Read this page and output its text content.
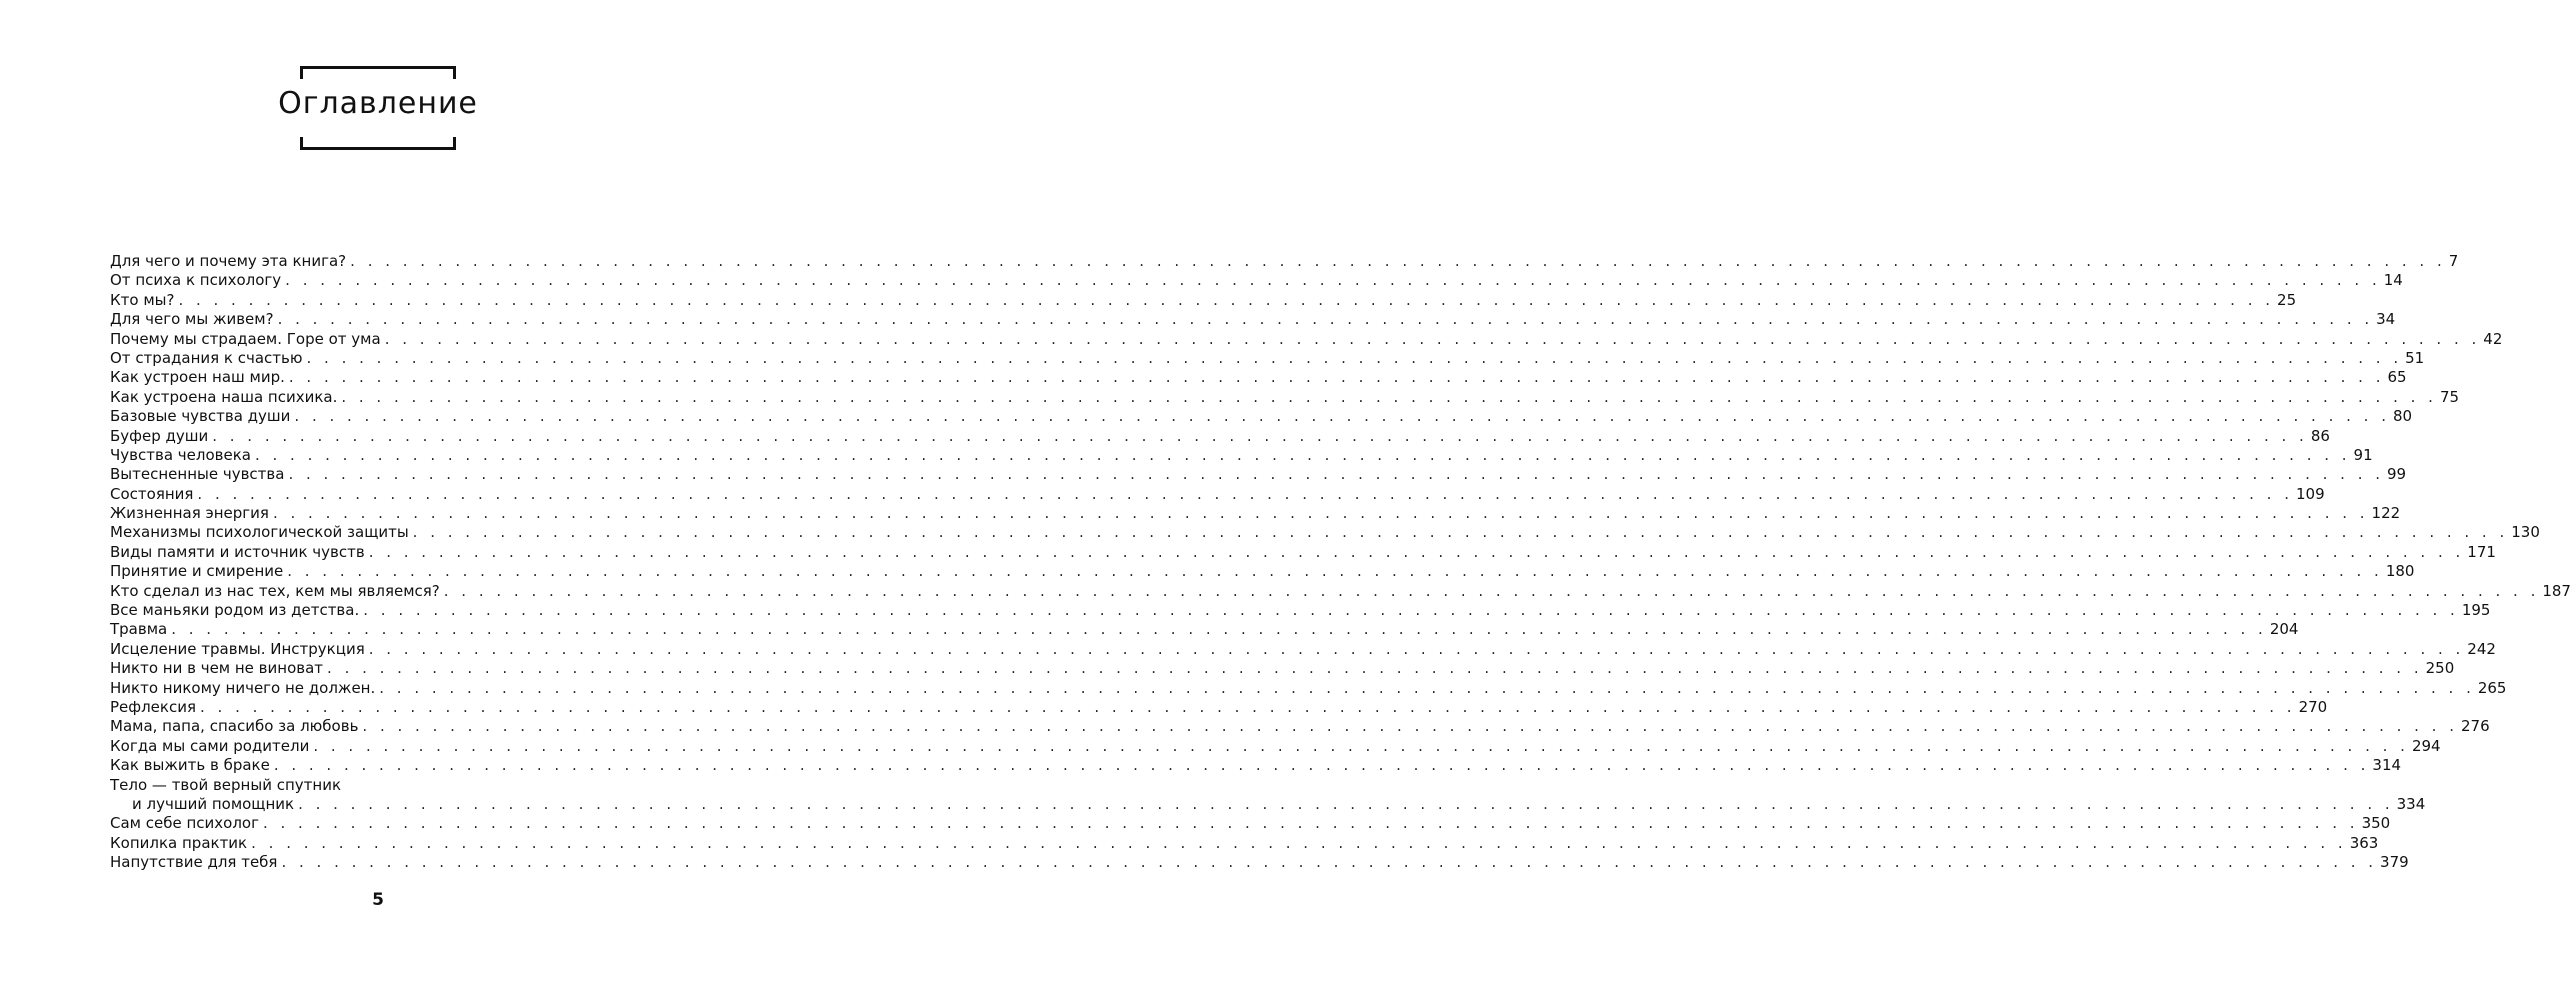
Оглавление
Для чего и почему эта книга? . . . . . . . . . . . . . . . . . . . . . . . . . . . . . . . . . . . . . . . . . . . . . . . . . . . . . . . . . . . . . . . . . . . . . . . . . . . . . . . . . . . . . . . . . . . . . . . . . . . . . . . . . . . . . . . . . . . . . . . . 7
От психа к психологу . . . . . . . . . . . . . . . . . . . . . . . . . . . . . . . . . . . . . . . . . . . . . . . . . . . . . . . . . . . . . . . . . . . . . . . . . . . . . . . . . . . . . . . . . . . . . . . . . . . . . . . . . . . . . . . . . . . . . . . . 14
Кто мы? . . . . . . . . . . . . . . . . . . . . . . . . . . . . . . . . . . . . . . . . . . . . . . . . . . . . . . . . . . . . . . . . . . . . . . . . . . . . . . . . . . . . . . . . . . . . . . . . . . . . . . . . . . . . . . . . . . . . . . . . 25
Для чего мы живем? . . . . . . . . . . . . . . . . . . . . . . . . . . . . . . . . . . . . . . . . . . . . . . . . . . . . . . . . . . . . . . . . . . . . . . . . . . . . . . . . . . . . . . . . . . . . . . . . . . . . . . . . . . . . . . . . . . . . . . . . 34
Почему мы страдаем. Горе от ума . . . . . . . . . . . . . . . . . . . . . . . . . . . . . . . . . . . . . . . . . . . . . . . . . . . . . . . . . . . . . . . . . . . . . . . . . . . . . . . . . . . . . . . . . . . . . . . . . . . . . . . . . . . . . . . . . . . . . . . . 42
От страдания к счастью . . . . . . . . . . . . . . . . . . . . . . . . . . . . . . . . . . . . . . . . . . . . . . . . . . . . . . . . . . . . . . . . . . . . . . . . . . . . . . . . . . . . . . . . . . . . . . . . . . . . . . . . . . . . . . . . . . . . . . . . 51
Как устроен наш мир. . . . . . . . . . . . . . . . . . . . . . . . . . . . . . . . . . . . . . . . . . . . . . . . . . . . . . . . . . . . . . . . . . . . . . . . . . . . . . . . . . . . . . . . . . . . . . . . . . . . . . . . . . . . . . . . . . . . . . . . . 65
Как устроена наша психика. . . . . . . . . . . . . . . . . . . . . . . . . . . . . . . . . . . . . . . . . . . . . . . . . . . . . . . . . . . . . . . . . . . . . . . . . . . . . . . . . . . . . . . . . . . . . . . . . . . . . . . . . . . . . . . . . . . . . . . . . 75
Базовые чувства души . . . . . . . . . . . . . . . . . . . . . . . . . . . . . . . . . . . . . . . . . . . . . . . . . . . . . . . . . . . . . . . . . . . . . . . . . . . . . . . . . . . . . . . . . . . . . . . . . . . . . . . . . . . . . . . . . . . . . . . . 80
Буфер души . . . . . . . . . . . . . . . . . . . . . . . . . . . . . . . . . . . . . . . . . . . . . . . . . . . . . . . . . . . . . . . . . . . . . . . . . . . . . . . . . . . . . . . . . . . . . . . . . . . . . . . . . . . . . . . . . . . . . . . . 86
Чувства человека . . . . . . . . . . . . . . . . . . . . . . . . . . . . . . . . . . . . . . . . . . . . . . . . . . . . . . . . . . . . . . . . . . . . . . . . . . . . . . . . . . . . . . . . . . . . . . . . . . . . . . . . . . . . . . . . . . . . . . . . 91
Вытесненные чувства . . . . . . . . . . . . . . . . . . . . . . . . . . . . . . . . . . . . . . . . . . . . . . . . . . . . . . . . . . . . . . . . . . . . . . . . . . . . . . . . . . . . . . . . . . . . . . . . . . . . . . . . . . . . . . . . . . . . . . . . 99
Состояния . . . . . . . . . . . . . . . . . . . . . . . . . . . . . . . . . . . . . . . . . . . . . . . . . . . . . . . . . . . . . . . . . . . . . . . . . . . . . . . . . . . . . . . . . . . . . . . . . . . . . . . . . . . . . . . . . . . . . . . . 109
Жизненная энергия . . . . . . . . . . . . . . . . . . . . . . . . . . . . . . . . . . . . . . . . . . . . . . . . . . . . . . . . . . . . . . . . . . . . . . . . . . . . . . . . . . . . . . . . . . . . . . . . . . . . . . . . . . . . . . . . . . . . . . . . 122
Механизмы психологической защиты . . . . . . . . . . . . . . . . . . . . . . . . . . . . . . . . . . . . . . . . . . . . . . . . . . . . . . . . . . . . . . . . . . . . . . . . . . . . . . . . . . . . . . . . . . . . . . . . . . . . . . . . . . . . . . . . . . . . . . . . 130
Виды памяти и источник чувств . . . . . . . . . . . . . . . . . . . . . . . . . . . . . . . . . . . . . . . . . . . . . . . . . . . . . . . . . . . . . . . . . . . . . . . . . . . . . . . . . . . . . . . . . . . . . . . . . . . . . . . . . . . . . . . . . . . . . . . . 171
Принятие и смирение . . . . . . . . . . . . . . . . . . . . . . . . . . . . . . . . . . . . . . . . . . . . . . . . . . . . . . . . . . . . . . . . . . . . . . . . . . . . . . . . . . . . . . . . . . . . . . . . . . . . . . . . . . . . . . . . . . . . . . . . 180
Кто сделал из нас тех, кем мы являемся? . . . . . . . . . . . . . . . . . . . . . . . . . . . . . . . . . . . . . . . . . . . . . . . . . . . . . . . . . . . . . . . . . . . . . . . . . . . . . . . . . . . . . . . . . . . . . . . . . . . . . . . . . . . . . . . . . . . . . . . . 187
Все маньяки родом из детства. . . . . . . . . . . . . . . . . . . . . . . . . . . . . . . . . . . . . . . . . . . . . . . . . . . . . . . . . . . . . . . . . . . . . . . . . . . . . . . . . . . . . . . . . . . . . . . . . . . . . . . . . . . . . . . . . . . . . . . . . 195
Травма . . . . . . . . . . . . . . . . . . . . . . . . . . . . . . . . . . . . . . . . . . . . . . . . . . . . . . . . . . . . . . . . . . . . . . . . . . . . . . . . . . . . . . . . . . . . . . . . . . . . . . . . . . . . . . . . . . . . . . . . 204
Исцеление травмы. Инструкция . . . . . . . . . . . . . . . . . . . . . . . . . . . . . . . . . . . . . . . . . . . . . . . . . . . . . . . . . . . . . . . . . . . . . . . . . . . . . . . . . . . . . . . . . . . . . . . . . . . . . . . . . . . . . . . . . . . . . . . . 242
Никто ни в чем не виноват . . . . . . . . . . . . . . . . . . . . . . . . . . . . . . . . . . . . . . . . . . . . . . . . . . . . . . . . . . . . . . . . . . . . . . . . . . . . . . . . . . . . . . . . . . . . . . . . . . . . . . . . . . . . . . . . . . . . . . . . 250
Никто никому ничего не должен. . . . . . . . . . . . . . . . . . . . . . . . . . . . . . . . . . . . . . . . . . . . . . . . . . . . . . . . . . . . . . . . . . . . . . . . . . . . . . . . . . . . . . . . . . . . . . . . . . . . . . . . . . . . . . . . . . . . . . . . . 265
Рефлексия . . . . . . . . . . . . . . . . . . . . . . . . . . . . . . . . . . . . . . . . . . . . . . . . . . . . . . . . . . . . . . . . . . . . . . . . . . . . . . . . . . . . . . . . . . . . . . . . . . . . . . . . . . . . . . . . . . . . . . . . 270
Мама, папа, спасибо за любовь . . . . . . . . . . . . . . . . . . . . . . . . . . . . . . . . . . . . . . . . . . . . . . . . . . . . . . . . . . . . . . . . . . . . . . . . . . . . . . . . . . . . . . . . . . . . . . . . . . . . . . . . . . . . . . . . . . . . . . . . 276
Когда мы сами родители . . . . . . . . . . . . . . . . . . . . . . . . . . . . . . . . . . . . . . . . . . . . . . . . . . . . . . . . . . . . . . . . . . . . . . . . . . . . . . . . . . . . . . . . . . . . . . . . . . . . . . . . . . . . . . . . . . . . . . . . 294
Как выжить в браке . . . . . . . . . . . . . . . . . . . . . . . . . . . . . . . . . . . . . . . . . . . . . . . . . . . . . . . . . . . . . . . . . . . . . . . . . . . . . . . . . . . . . . . . . . . . . . . . . . . . . . . . . . . . . . . . . . . . . . . . 314
Тело — твой верный спутник
и лучший помощник . . . . . . . . . . . . . . . . . . . . . . . . . . . . . . . . . . . . . . . . . . . . . . . . . . . . . . . . . . . . . . . . . . . . . . . . . . . . . . . . . . . . . . . . . . . . . . . . . . . . . . . . . . . . . . . . . . . . . . . . 334
Сам себе психолог . . . . . . . . . . . . . . . . . . . . . . . . . . . . . . . . . . . . . . . . . . . . . . . . . . . . . . . . . . . . . . . . . . . . . . . . . . . . . . . . . . . . . . . . . . . . . . . . . . . . . . . . . . . . . . . . . . . . . . . . 350
Копилка практик . . . . . . . . . . . . . . . . . . . . . . . . . . . . . . . . . . . . . . . . . . . . . . . . . . . . . . . . . . . . . . . . . . . . . . . . . . . . . . . . . . . . . . . . . . . . . . . . . . . . . . . . . . . . . . . . . . . . . . . . 363
Напутствие для тебя . . . . . . . . . . . . . . . . . . . . . . . . . . . . . . . . . . . . . . . . . . . . . . . . . . . . . . . . . . . . . . . . . . . . . . . . . . . . . . . . . . . . . . . . . . . . . . . . . . . . . . . . . . . . . . . . . . . . . . . . 379
5
